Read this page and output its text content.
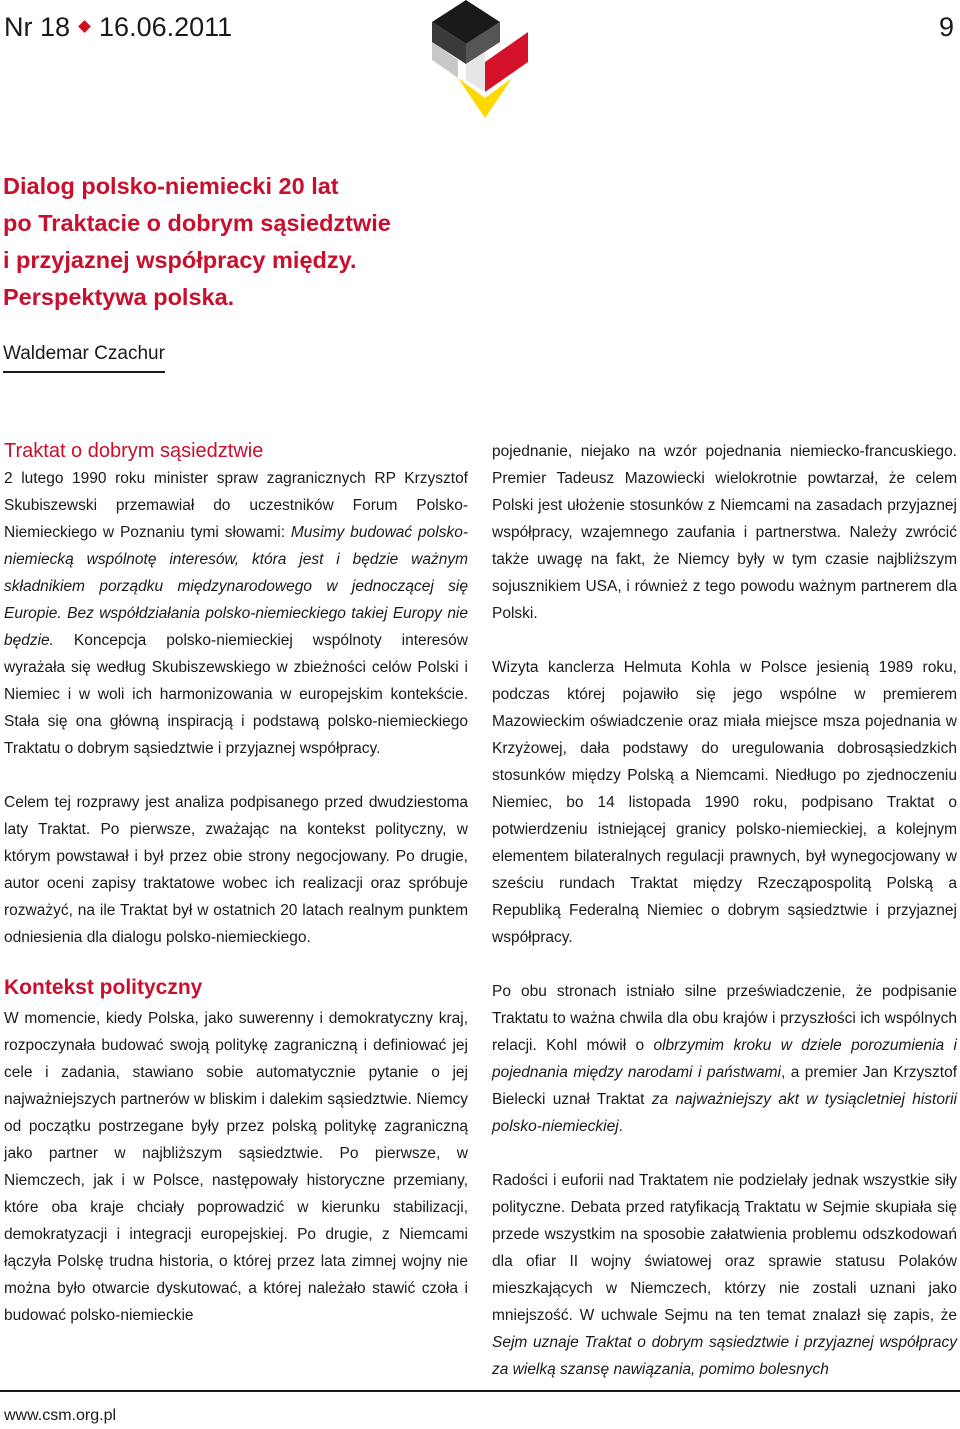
Nr 18 16.06.2011	9
Dialog polsko-niemiecki 20 lat
po Traktacie o dobrym sąsiedztwie
i przyjaznej współpracy między.
Perspektywa polska.
Waldemar Czachur
Traktat o dobrym sąsiedztwie

2 lutego 1990 roku minister spraw zagranicznych RP Krzysztof Skubiszewski przemawiał do uczestników Forum Polsko-Niemieckiego w Poznaniu tymi słowami: Musimy budować polsko-niemiecką wspólnotę interesów, która jest i będzie ważnym składnikiem porządku międzynarodowego w jednoczącej się Europie. Bez współdziałania polsko-niemieckiego takiej Europy nie będzie. Koncepcja polsko-niemieckiej wspólnoty interesów wyrażała się według Skubiszewskiego w zbieżności celów Polski i Niemiec i w woli ich harmonizowania w europejskim kontekście. Stała się ona główną inspiracją i podstawą polsko-niemieckiego Traktatu o dobrym sąsiedztwie i przyjaznej współpracy.

Celem tej rozprawy jest analiza podpisanego przed dwudziestoma laty Traktat. Po pierwsze, zważając na kontekst polityczny, w którym powstawał i był przez obie strony negocjowany. Po drugie, autor oceni zapisy traktatowe wobec ich realizacji oraz spróbuje rozważyć, na ile Traktat był w ostatnich 20 latach realnym punktem odniesienia dla dialogu polsko-niemieckiego.

Kontekst polityczny

W momencie, kiedy Polska, jako suwerenny i demokratyczny kraj, rozpoczynała budować swoją politykę zagraniczną i definiować jej cele i zadania, stawiano sobie automatycznie pytanie o jej najważniejszych partnerów w bliskim i dalekim sąsiedztwie. Niemcy od początku postrzegane były przez polską politykę zagraniczną jako partner w najbliższym sąsiedztwie. Po pierwsze, w Niemczech, jak i w Polsce, następowały historyczne przemiany, które oba kraje chciały poprowadzić w kierunku stabilizacji, demokratyzacji i integracji europejskiej. Po drugie, z Niemcami łączyła Polskę trudna historia, o której przez lata zimnej wojny nie można było otwarcie dyskutować, a której należało stawić czoła i budować polsko-niemieckie

pojednanie, niejako na wzór pojednania niemiecko-francuskiego. Premier Tadeusz Mazowiecki wielokrotnie powtarzał, że celem Polski jest ułożenie stosunków z Niemcami na zasadach przyjaznej współpracy, wzajemnego zaufania i partnerstwa. Należy zwrócić także uwagę na fakt, że Niemcy były w tym czasie najbliższym sojusznikiem USA, i również z tego powodu ważnym partnerem dla Polski.

Wizyta kanclerza Helmuta Kohla w Polsce jesienią 1989 roku, podczas której pojawiło się jego wspólne w premierem Mazowieckim oświadczenie oraz miała miejsce msza pojednania w Krzyżowej, dała podstawy do uregulowania dobrosąsiedzkich stosunków między Polską a Niemcami. Niedługo po zjednoczeniu Niemiec, bo 14 listopada 1990 roku, podpisano Traktat o potwierdzeniu istniejącej granicy polsko-niemieckiej, a kolejnym elementem bilateralnych regulacji prawnych, był wynegocjowany w sześciu rundach Traktat między Rzecząpospolitą Polską a Republiką Federalną Niemiec o dobrym sąsiedztwie i przyjaznej współpracy.

Po obu stronach istniało silne przeświadczenie, że podpisanie Traktatu to ważna chwila dla obu krajów i przyszłości ich wspólnych relacji. Kohl mówił o olbrzymim kroku w dziele porozumienia i pojednania między narodami i państwami, a premier Jan Krzysztof Bielecki uznał Traktat za najważniejszy akt w tysiącletniej historii polsko-niemieckiej.

Radości i euforii nad Traktatem nie podzielały jednak wszystkie siły polityczne. Debata przed ratyfikacją Traktatu w Sejmie skupiała się przede wszystkim na sposobie załatwienia problemu odszkodowań dla ofiar II wojny światowej oraz sprawie statusu Polaków mieszkających w Niemczech, którzy nie zostali uznani jako mniejszość. W uchwale Sejmu na ten temat znalazł się zapis, że Sejm uznaje Traktat o dobrym sąsiedztwie i przyjaznej współpracy za wielką szansę nawiązania, pomimo bolesnych

www.csm.org.pl
